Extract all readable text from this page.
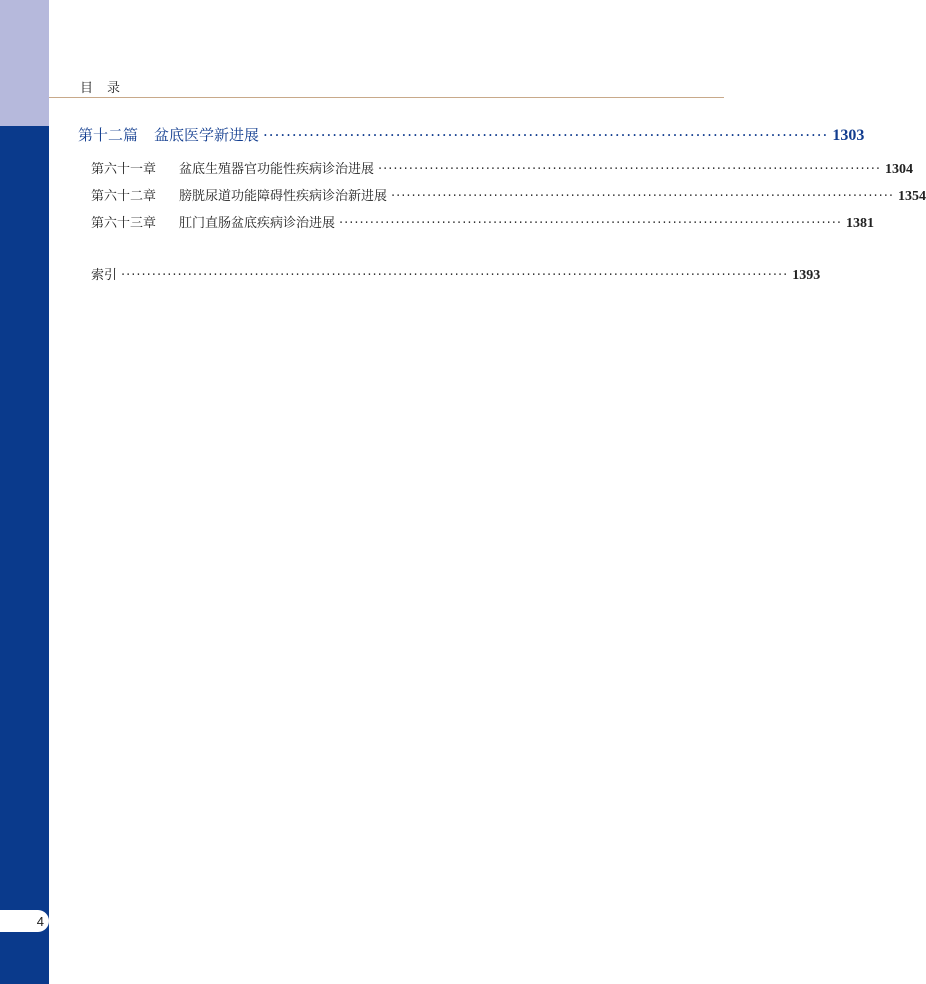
目录
第十二篇 盆底医学新进展 ·································································································· 1303
第六十一章	盆底生殖器官功能性疾病诊治进展 ·································································································· 1304
第六十二章	膀胱尿道功能障碍性疾病诊治新进展 ·································································································· 1354
第六十三章	肛门直肠盆底疾病诊治进展 ·································································································· 1381
索引 ·································································································································· 1393
4
